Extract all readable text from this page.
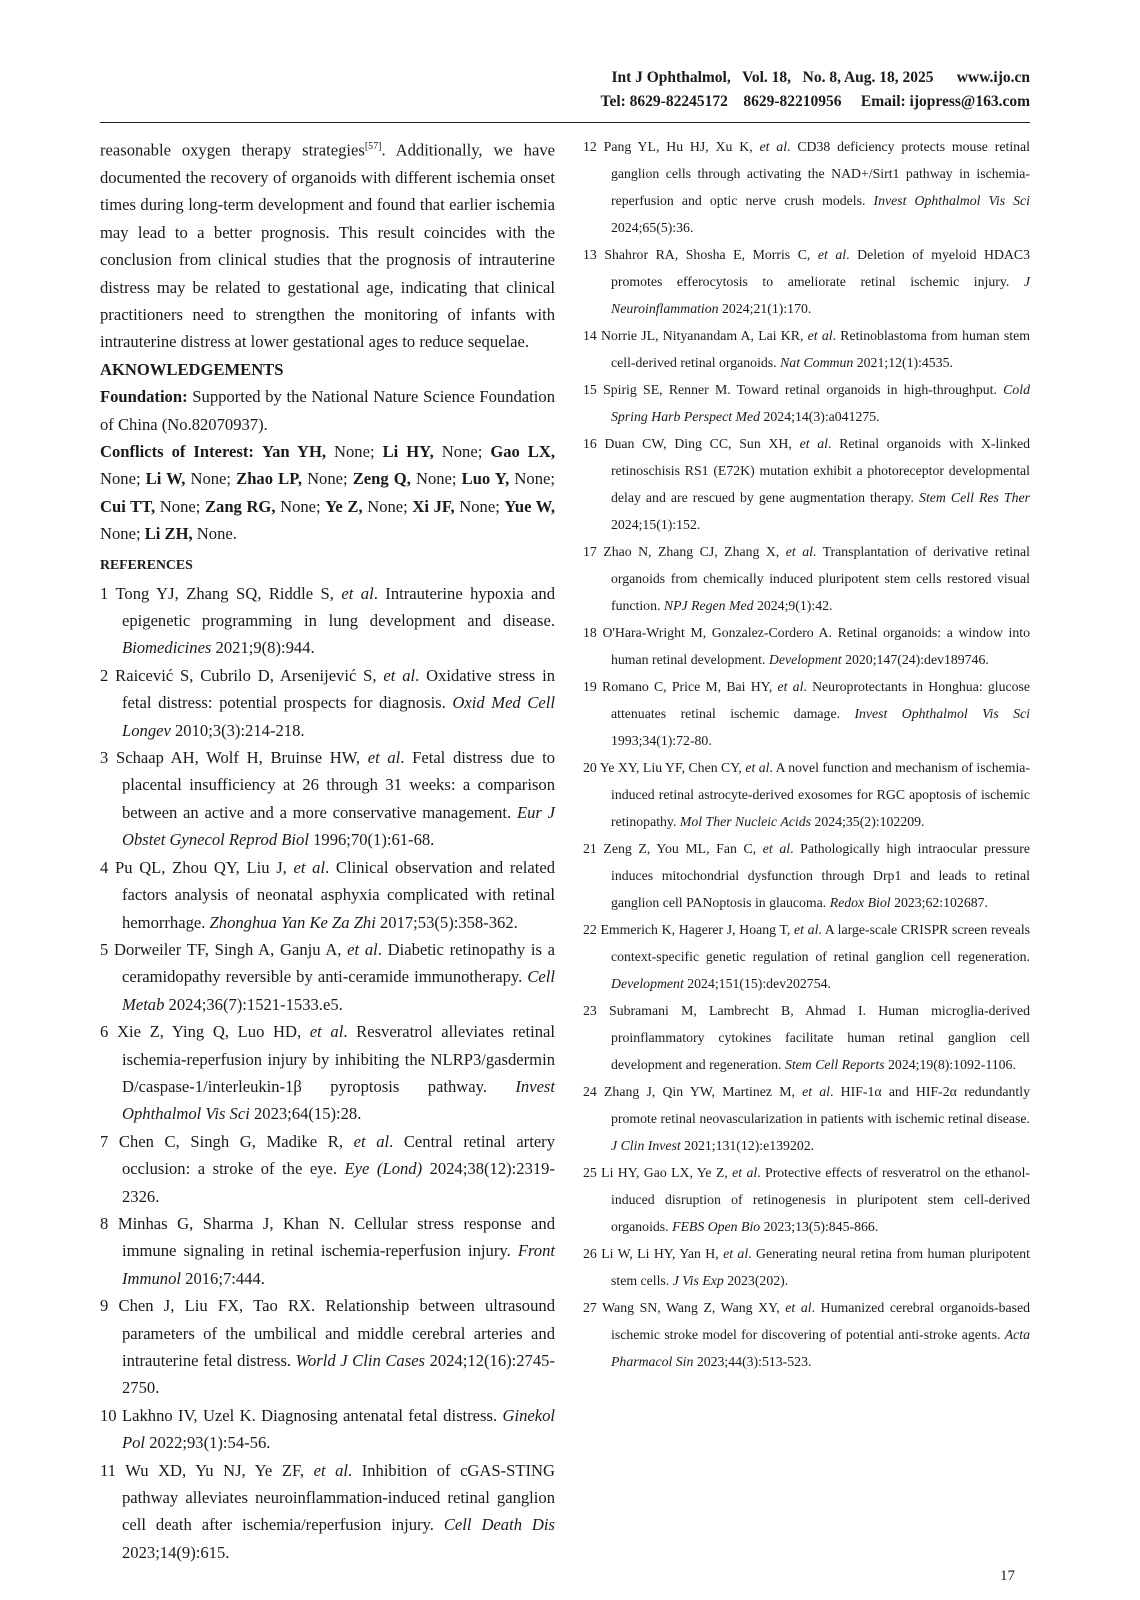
Int J Ophthalmol,   Vol. 18,   No. 8, Aug. 18, 2025      www.ijo.cn
Tel: 8629-82245172    8629-82210956     Email: ijopress@163.com

reasonable oxygen therapy strategies[57]. Additionally, we have documented the recovery of organoids with different ischemia onset times during long-term development and found that earlier ischemia may lead to a better prognosis. This result coincides with the conclusion from clinical studies that the prognosis of intrauterine distress may be related to gestational age, indicating that clinical practitioners need to strengthen the monitoring of infants with intrauterine distress at lower gestational ages to reduce sequelae.

AKNOWLEDGEMENTS

Foundation: Supported by the National Nature Science Foundation of China (No.82070937).

Conflicts of Interest: Yan YH, None; Li HY, None; Gao LX, None; Li W, None; Zhao LP, None; Zeng Q, None; Luo Y, None; Cui TT, None; Zang RG, None; Ye Z, None; Xi JF, None; Yue W, None; Li ZH, None.

REFERENCES

1 Tong YJ, Zhang SQ, Riddle S, et al. Intrauterine hypoxia and epigenetic programming in lung development and disease. Biomedicines 2021;9(8):944.

2 Raicević S, Cubrilo D, Arsenijević S, et al. Oxidative stress in fetal distress: potential prospects for diagnosis. Oxid Med Cell Longev 2010;3(3):214-218.

3 Schaap AH, Wolf H, Bruinse HW, et al. Fetal distress due to placental insufficiency at 26 through 31 weeks: a comparison between an active and a more conservative management. Eur J Obstet Gynecol Reprod Biol 1996;70(1):61-68.

4 Pu QL, Zhou QY, Liu J, et al. Clinical observation and related factors analysis of neonatal asphyxia complicated with retinal hemorrhage. Zhonghua Yan Ke Za Zhi 2017;53(5):358-362.

5 Dorweiler TF, Singh A, Ganju A, et al. Diabetic retinopathy is a ceramidopathy reversible by anti-ceramide immunotherapy. Cell Metab 2024;36(7):1521-1533.e5.

6 Xie Z, Ying Q, Luo HD, et al. Resveratrol alleviates retinal ischemia-reperfusion injury by inhibiting the NLRP3/gasdermin D/caspase-1/interleukin-1β pyroptosis pathway. Invest Ophthalmol Vis Sci 2023;64(15):28.

7 Chen C, Singh G, Madike R, et al. Central retinal artery occlusion: a stroke of the eye. Eye (Lond) 2024;38(12):2319-2326.

8 Minhas G, Sharma J, Khan N. Cellular stress response and immune signaling in retinal ischemia-reperfusion injury. Front Immunol 2016;7:444.

9 Chen J, Liu FX, Tao RX. Relationship between ultrasound parameters of the umbilical and middle cerebral arteries and intrauterine fetal distress. World J Clin Cases 2024;12(16):2745-2750.

10 Lakhno IV, Uzel K. Diagnosing antenatal fetal distress. Ginekol Pol 2022;93(1):54-56.

11 Wu XD, Yu NJ, Ye ZF, et al. Inhibition of cGAS-STING pathway alleviates neuroinflammation-induced retinal ganglion cell death after ischemia/reperfusion injury. Cell Death Dis 2023;14(9):615.

12 Pang YL, Hu HJ, Xu K, et al. CD38 deficiency protects mouse retinal ganglion cells through activating the NAD+/Sirt1 pathway in ischemia-reperfusion and optic nerve crush models. Invest Ophthalmol Vis Sci 2024;65(5):36.

13 Shahror RA, Shosha E, Morris C, et al. Deletion of myeloid HDAC3 promotes efferocytosis to ameliorate retinal ischemic injury. J Neuroinflammation 2024;21(1):170.

14 Norrie JL, Nityanandam A, Lai KR, et al. Retinoblastoma from human stem cell-derived retinal organoids. Nat Commun 2021;12(1):4535.

15 Spirig SE, Renner M. Toward retinal organoids in high-throughput. Cold Spring Harb Perspect Med 2024;14(3):a041275.

16 Duan CW, Ding CC, Sun XH, et al. Retinal organoids with X-linked retinoschisis RS1 (E72K) mutation exhibit a photoreceptor developmental delay and are rescued by gene augmentation therapy. Stem Cell Res Ther 2024;15(1):152.

17 Zhao N, Zhang CJ, Zhang X, et al. Transplantation of derivative retinal organoids from chemically induced pluripotent stem cells restored visual function. NPJ Regen Med 2024;9(1):42.

18 O'Hara-Wright M, Gonzalez-Cordero A. Retinal organoids: a window into human retinal development. Development 2020;147(24):dev189746.

19 Romano C, Price M, Bai HY, et al. Neuroprotectants in Honghua: glucose attenuates retinal ischemic damage. Invest Ophthalmol Vis Sci 1993;34(1):72-80.

20 Ye XY, Liu YF, Chen CY, et al. A novel function and mechanism of ischemia-induced retinal astrocyte-derived exosomes for RGC apoptosis of ischemic retinopathy. Mol Ther Nucleic Acids 2024;35(2):102209.

21 Zeng Z, You ML, Fan C, et al. Pathologically high intraocular pressure induces mitochondrial dysfunction through Drp1 and leads to retinal ganglion cell PANoptosis in glaucoma. Redox Biol 2023;62:102687.

22 Emmerich K, Hagerer J, Hoang T, et al. A large-scale CRISPR screen reveals context-specific genetic regulation of retinal ganglion cell regeneration. Development 2024;151(15):dev202754.

23 Subramani M, Lambrecht B, Ahmad I. Human microglia-derived proinflammatory cytokines facilitate human retinal ganglion cell development and regeneration. Stem Cell Reports 2024;19(8):1092-1106.

24 Zhang J, Qin YW, Martinez M, et al. HIF-1α and HIF-2α redundantly promote retinal neovascularization in patients with ischemic retinal disease. J Clin Invest 2021;131(12):e139202.

25 Li HY, Gao LX, Ye Z, et al. Protective effects of resveratrol on the ethanol-induced disruption of retinogenesis in pluripotent stem cell-derived organoids. FEBS Open Bio 2023;13(5):845-866.

26 Li W, Li HY, Yan H, et al. Generating neural retina from human pluripotent stem cells. J Vis Exp 2023(202).

27 Wang SN, Wang Z, Wang XY, et al. Humanized cerebral organoids-based ischemic stroke model for discovering of potential anti-stroke agents. Acta Pharmacol Sin 2023;44(3):513-523.

17
